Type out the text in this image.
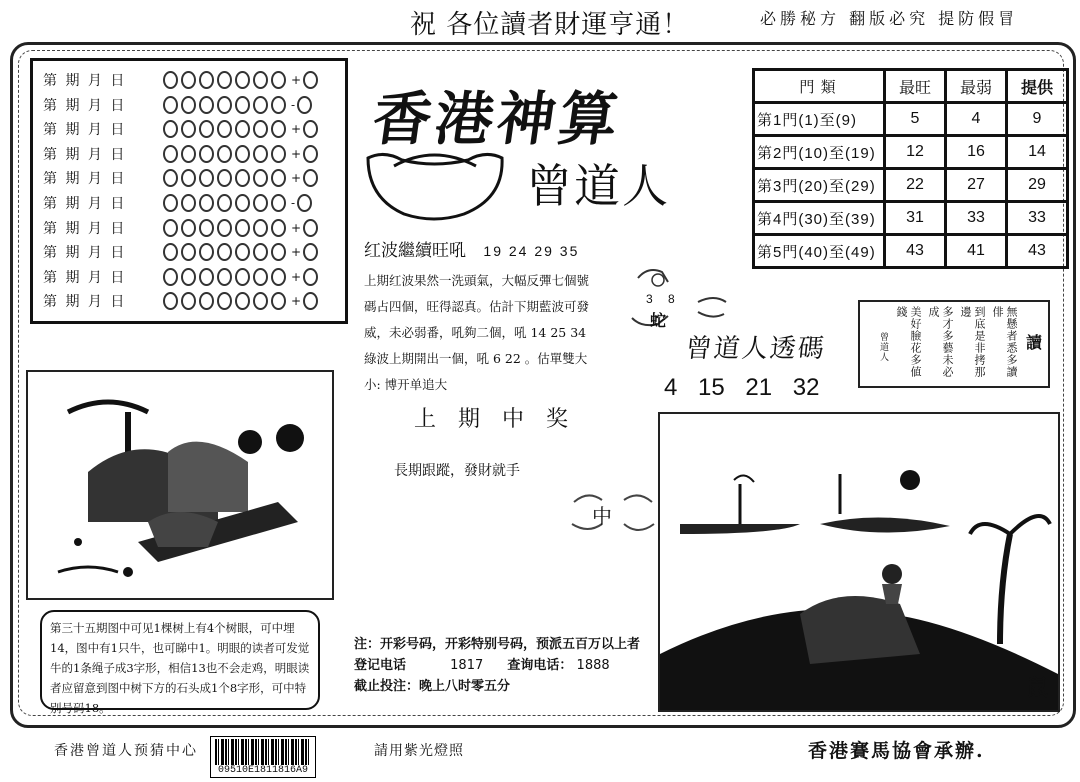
祝 各位讀者財運亨通！	必勝秘方 翻版必究 提防假冒
第 期 月 日	+
第 期 月 日	-
第 期 月 日	+
第 期 月 日	+
第 期 月 日	+
第 期 月 日	-
第 期 月 日	+
第 期 月 日	+
第 期 月 日	+
第 期 月 日	+
香港神算
曾道人
門 類	最旺	最弱	提供
第1門(1)至(9)	5	4	9
第2門(10)至(19)	12	16	14
第3門(20)至(29)	22	27	29
第4門(30)至(39)	31	33	33
第5門(40)至(49)	43	41	43
红波繼續旺吼 19 24 29 35
上期红波果然一洗頭氣，大幅反彈七個號碼占四個，旺得認真。估計下期藍波可發威，未必弱番，吼夠二個，吼 14 25 34 綠波上期開出一個，吼 6 22 。估單雙大小: 博开单追大
3 8
蛇
曾道人透碼
4 15 21 32
無懸者悉多讀俳
到底是非拷那邊
多才多藝未必成
美好臉花多値錢
曾道人	讀
上期中奖
長期跟蹤，發財就手
中
鼠
第三十五期图中可见1棵树上有4个树眼，可中埋14，图中有1只牛，也可睇中1。明眼的读者可发觉牛的1条绳子成3字形，相信13也不会走鸡，明眼读者应留意到图中树下方的石头成1个8字形，可中特别号码18。
注：开彩号码，开彩特别号码，预派五百万以上者
登记电话	1817 查询电话： 1888
截止投注：晚上八时零五分
香港曾道人预猜中心
09510E1811816A9
請用紫光燈照	香港賽馬協會承辦.
